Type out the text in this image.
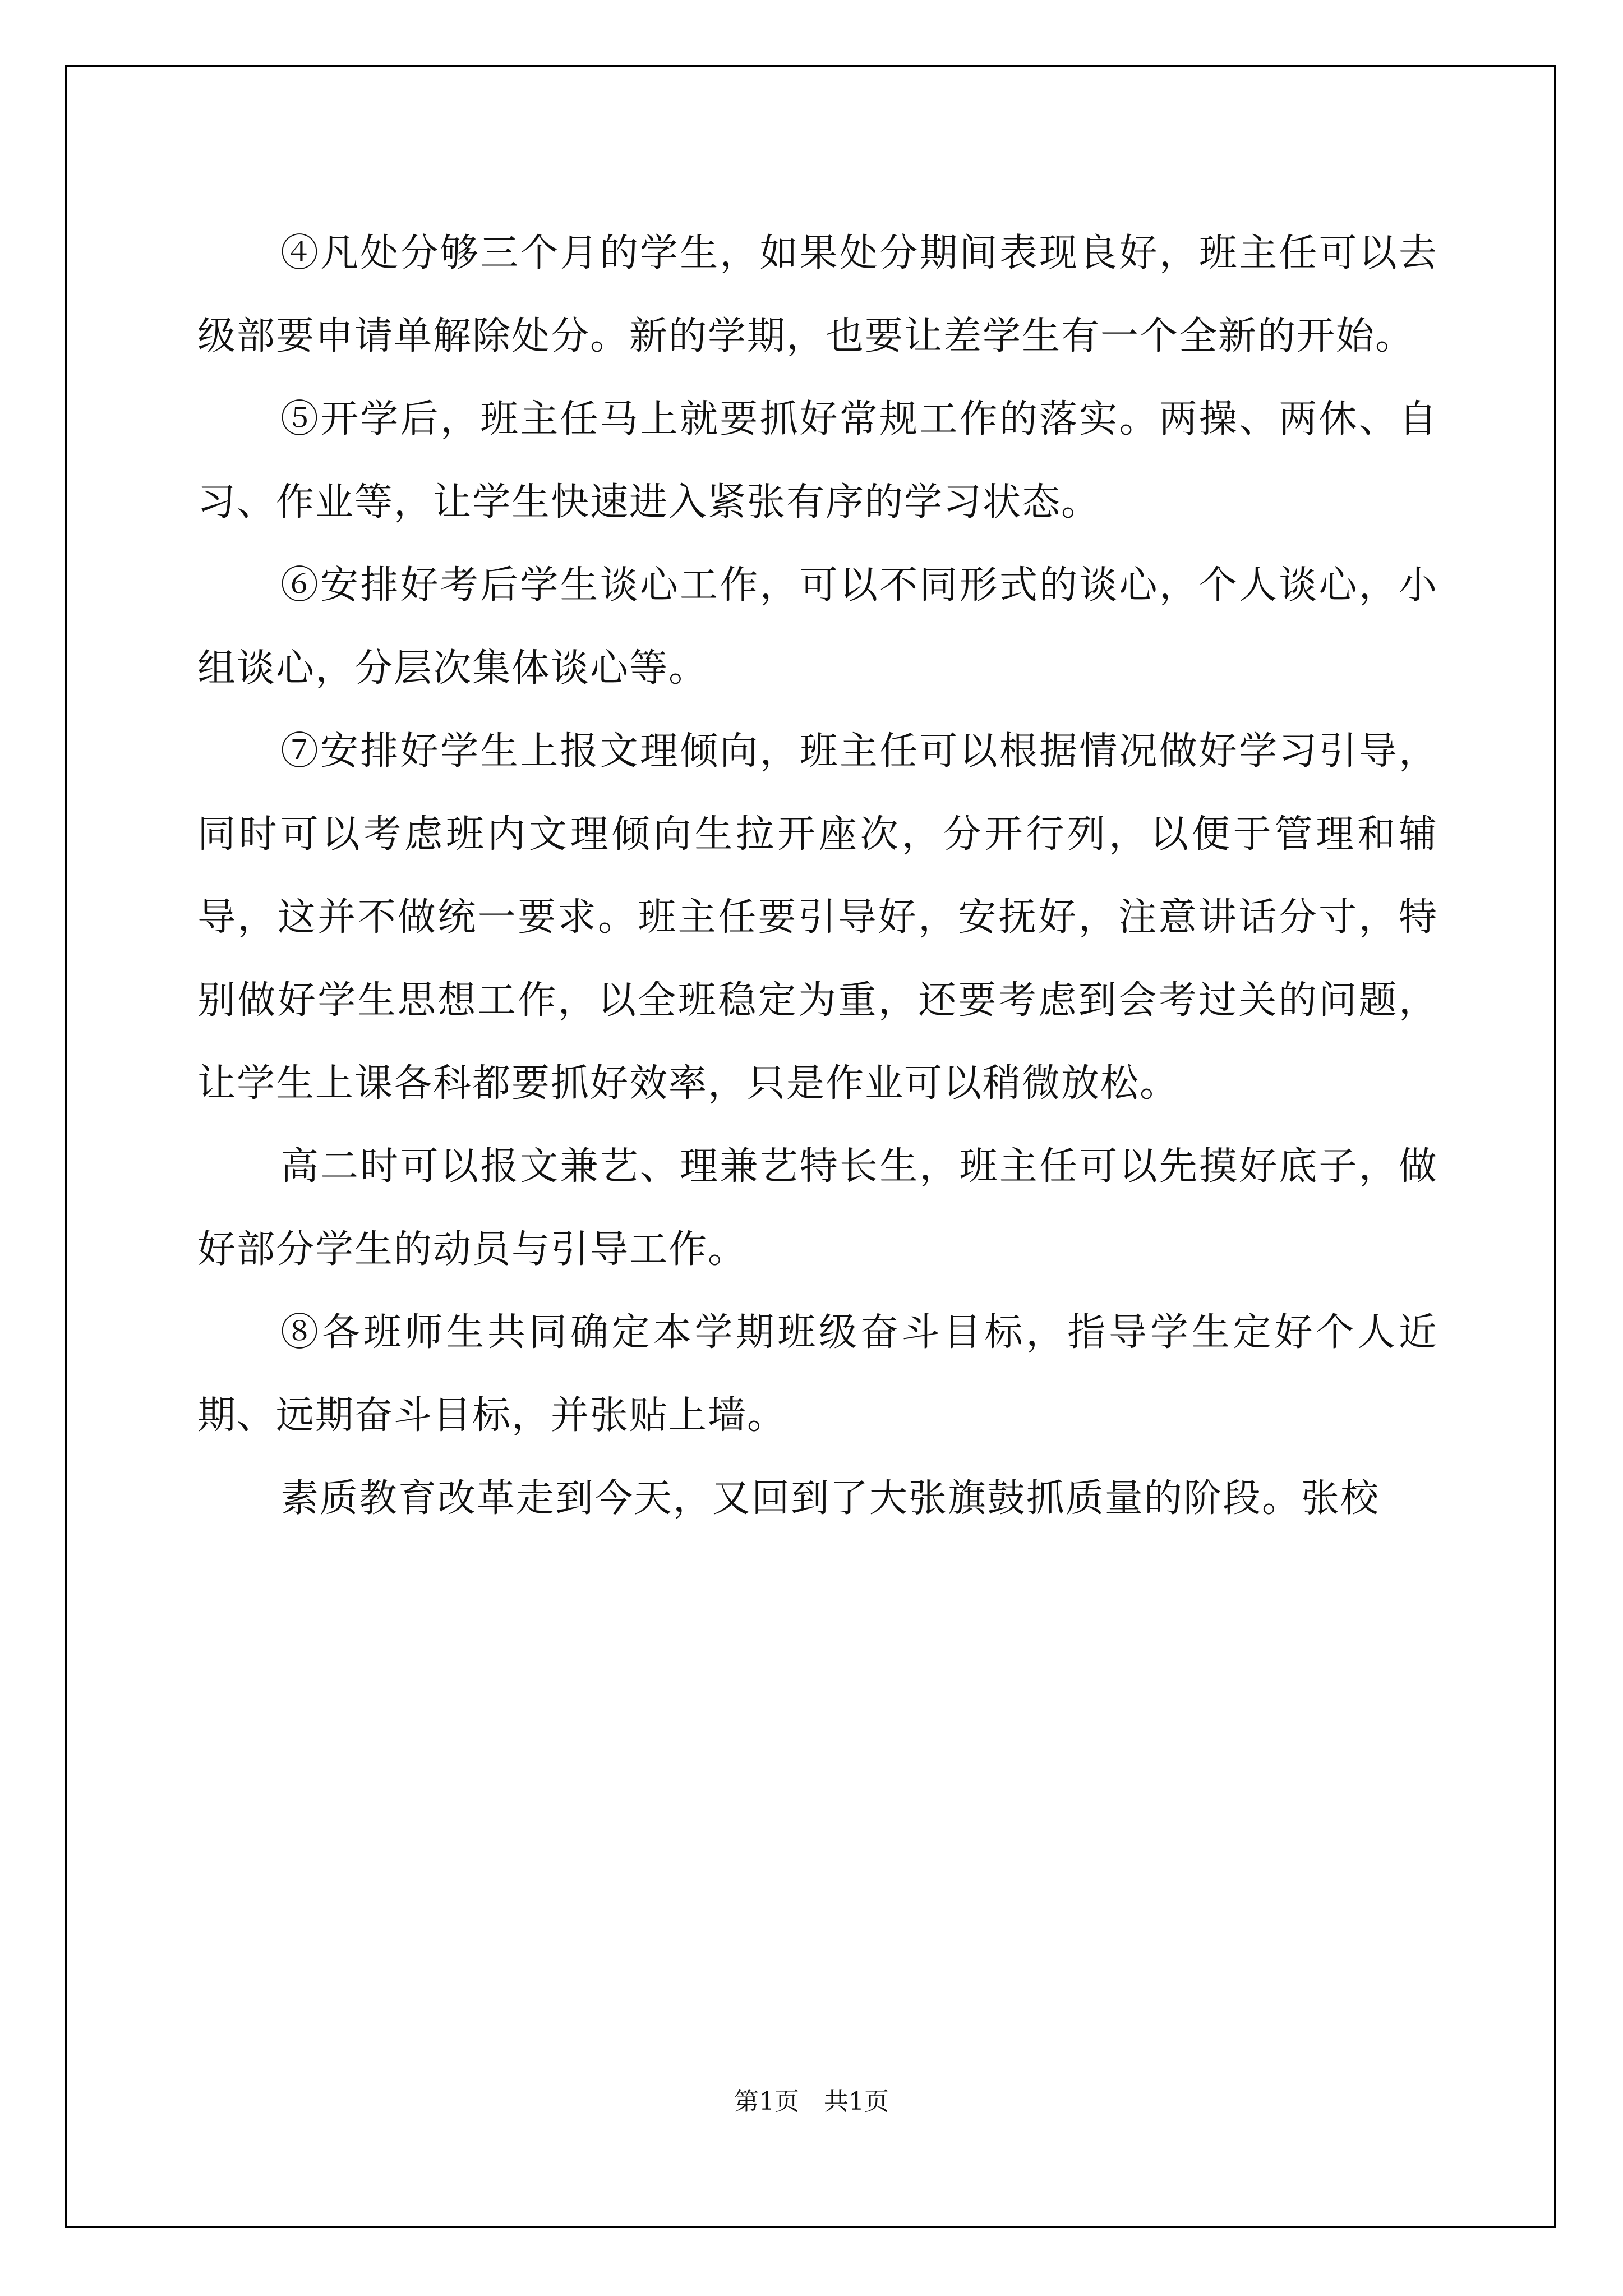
④凡处分够三个月的学生，如果处分期间表现良好，班主任可以去级部要申请单解除处分。新的学期，也要让差学生有一个全新的开始。

⑤开学后，班主任马上就要抓好常规工作的落实。两操、两休、自习、作业等，让学生快速进入紧张有序的学习状态。

⑥安排好考后学生谈心工作，可以不同形式的谈心，个人谈心，小组谈心，分层次集体谈心等。

⑦安排好学生上报文理倾向，班主任可以根据情况做好学习引导，同时可以考虑班内文理倾向生拉开座次，分开行列，以便于管理和辅导，这并不做统一要求。班主任要引导好，安抚好，注意讲话分寸，特别做好学生思想工作，以全班稳定为重，还要考虑到会考过关的问题，让学生上课各科都要抓好效率，只是作业可以稍微放松。

高二时可以报文兼艺、理兼艺特长生，班主任可以先摸好底子，做好部分学生的动员与引导工作。

⑧各班师生共同确定本学期班级奋斗目标，指导学生定好个人近期、远期奋斗目标，并张贴上墙。

素质教育改革走到今天，又回到了大张旗鼓抓质量的阶段。张校

第1页　共1页
